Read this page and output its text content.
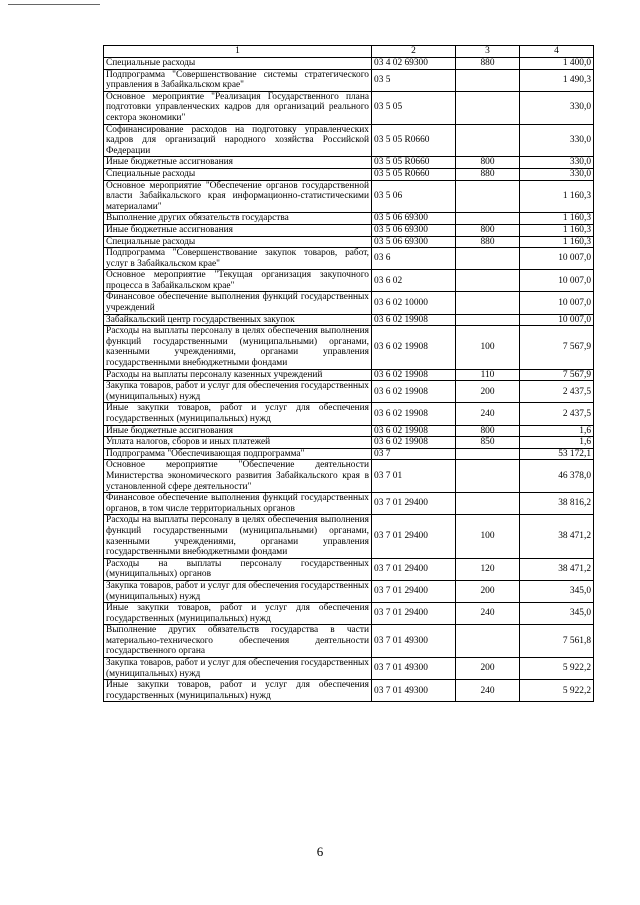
1	2	3	4
Специальные расходы	03 4 02 69300	880	1 400,0
Подпрограмма "Совершенствование системы стратегического управления в Забайкальском крае"	03 5		1 490,3
Основное мероприятие "Реализация Государственного плана подготовки управленческих кадров для организаций реального сектора экономики"	03 5 05		330,0
Софинансирование расходов на подготовку управленческих кадров для организаций народного хозяйства Российской Федерации	03 5 05 R0660		330,0
Иные бюджетные ассигнования	03 5 05 R0660	800	330,0
Специальные расходы	03 5 05 R0660	880	330,0
Основное мероприятие "Обеспечение органов государственной власти Забайкальского края информационно-статистическими материалами"	03 5 06		1 160,3
Выполнение других обязательств государства	03 5 06 69300		1 160,3
Иные бюджетные ассигнования	03 5 06 69300	800	1 160,3
Специальные расходы	03 5 06 69300	880	1 160,3
Подпрограмма "Совершенствование закупок товаров, работ, услуг в Забайкальском крае"	03 6		10 007,0
Основное мероприятие "Текущая организация закупочного процесса в Забайкальском крае"	03 6 02		10 007,0
Финансовое обеспечение выполнения функций государственных учреждений	03 6 02 10000		10 007,0
Забайкальский центр государственных закупок	03 6 02 19908		10 007,0
Расходы на выплаты персоналу в целях обеспечения выполнения функций государственными (муниципальными) органами, казенными учреждениями, органами управления государственными внебюджетными фондами	03 6 02 19908	100	7 567,9
Расходы на выплаты персоналу казенных учреждений	03 6 02 19908	110	7 567,9
Закупка товаров, работ и услуг для обеспечения государственных (муниципальных) нужд	03 6 02 19908	200	2 437,5
Иные закупки товаров, работ и услуг для обеспечения государственных (муниципальных) нужд	03 6 02 19908	240	2 437,5
Иные бюджетные ассигнования	03 6 02 19908	800	1,6
Уплата налогов, сборов и иных платежей	03 6 02 19908	850	1,6
Подпрограмма "Обеспечивающая подпрограмма"	03 7		53 172,1
Основное мероприятие "Обеспечение деятельности Министерства экономического развития Забайкальского края в установленной сфере деятельности"	03 7 01		46 378,0
Финансовое обеспечение выполнения функций государственных органов, в том числе территориальных органов	03 7 01 29400		38 816,2
Расходы на выплаты персоналу в целях обеспечения выполнения функций государственными (муниципальными) органами, казенными учреждениями, органами управления государственными внебюджетными фондами	03 7 01 29400	100	38 471,2
Расходы на выплаты персоналу государственных (муниципальных) органов	03 7 01 29400	120	38 471,2
Закупка товаров, работ и услуг для обеспечения государственных (муниципальных) нужд	03 7 01 29400	200	345,0
Иные закупки товаров, работ и услуг для обеспечения государственных (муниципальных) нужд	03 7 01 29400	240	345,0
Выполнение других обязательств государства в части материально-технического обеспечения деятельности государственного органа	03 7 01 49300		7 561,8
Закупка товаров, работ и услуг для обеспечения государственных (муниципальных) нужд	03 7 01 49300	200	5 922,2
Иные закупки товаров, работ и услуг для обеспечения государственных (муниципальных) нужд	03 7 01 49300	240	5 922,2
6
